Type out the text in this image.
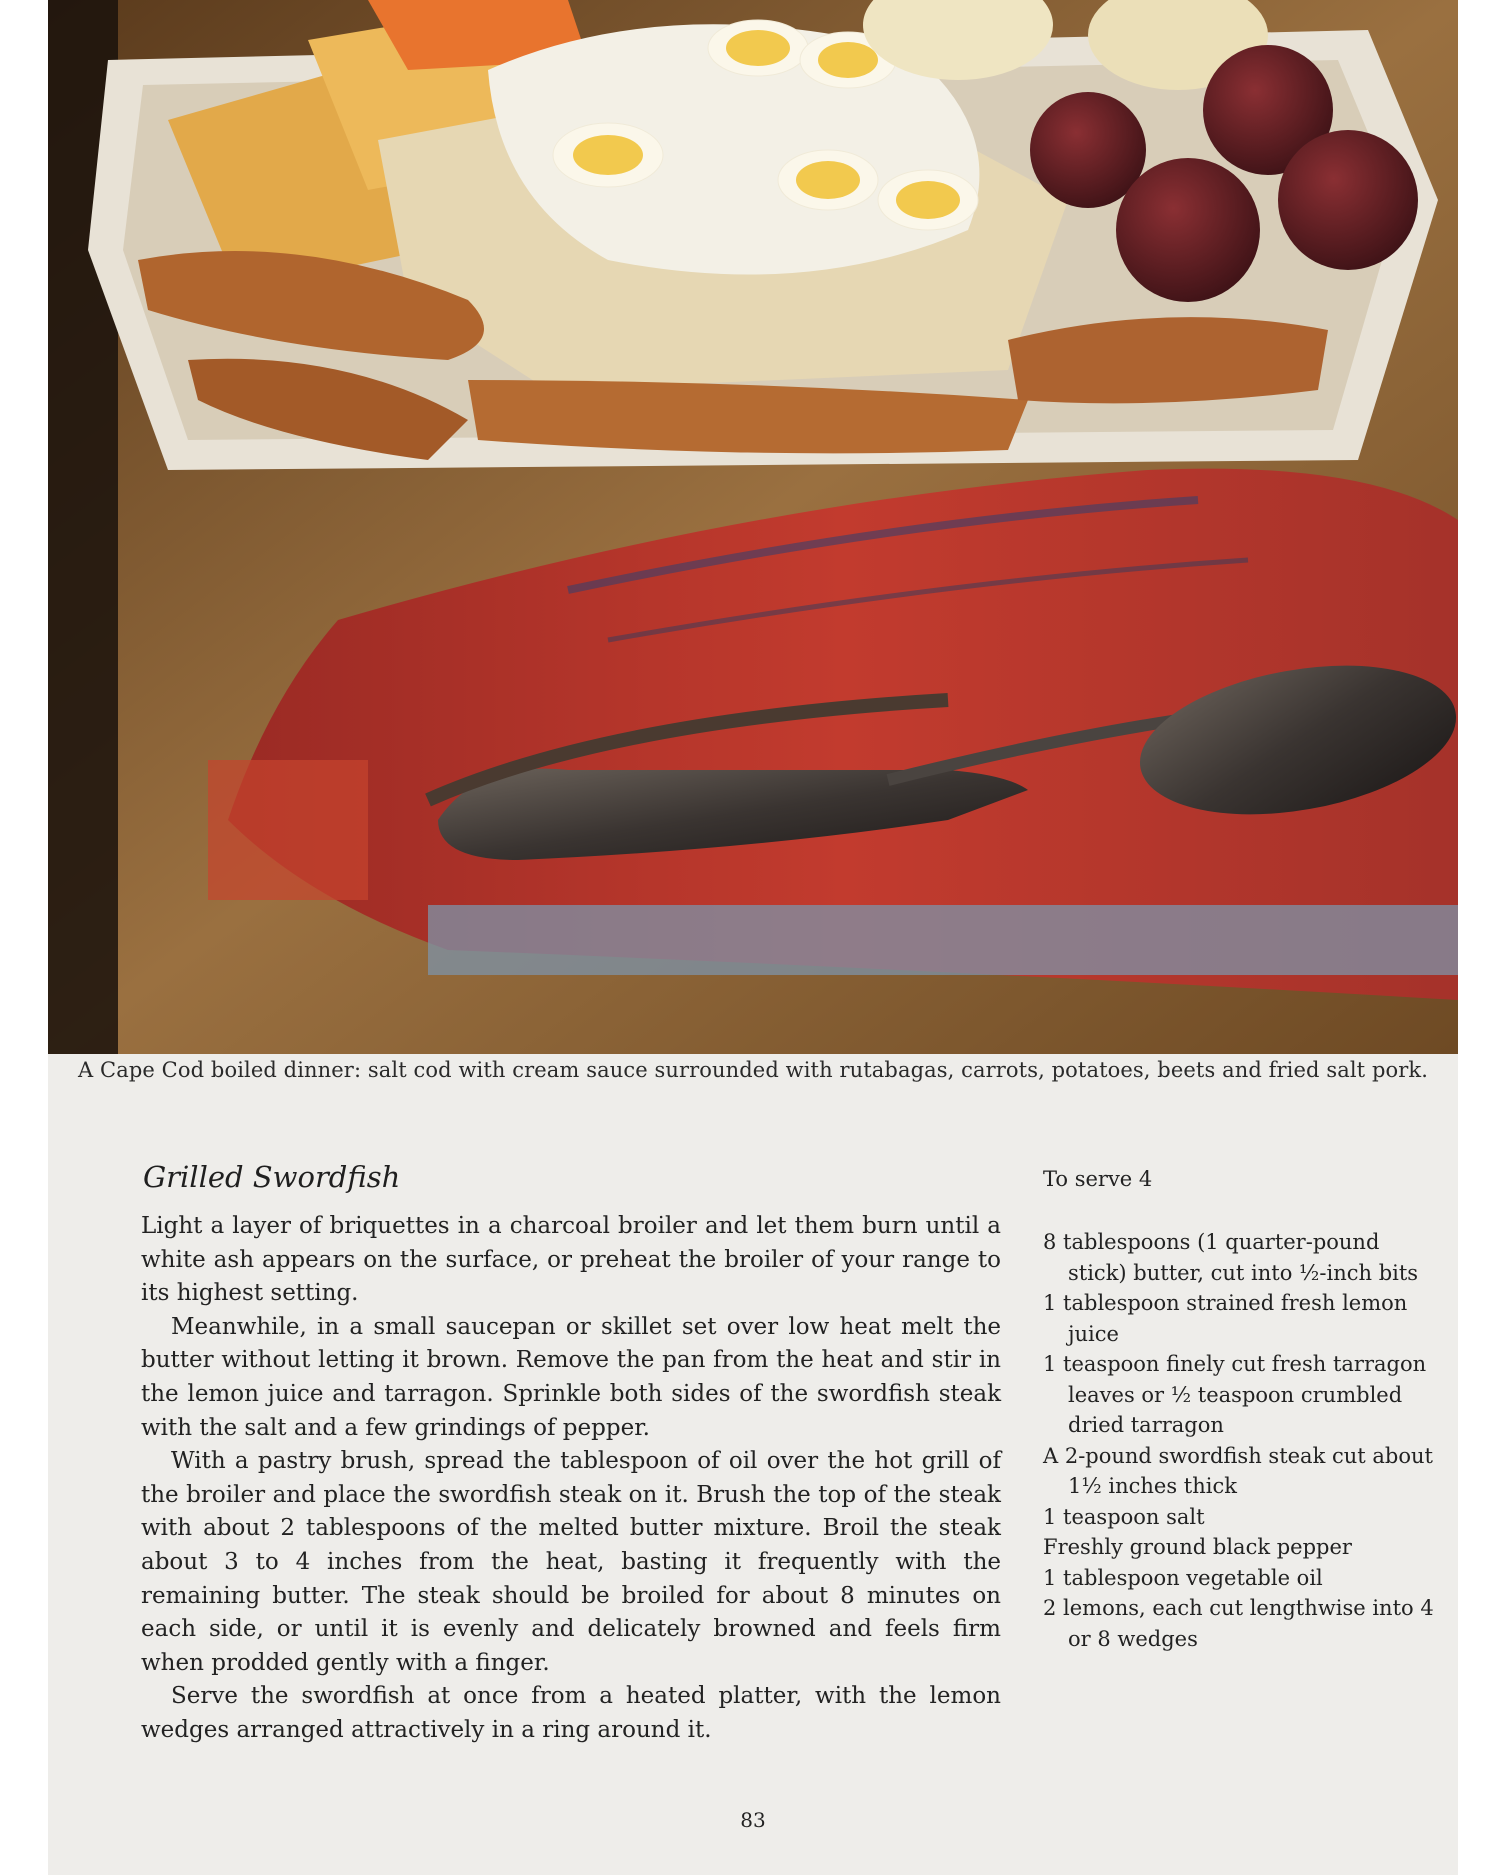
A Cape Cod boiled dinner: salt cod with cream sauce surrounded with rutabagas, carrots, potatoes, beets and fried salt pork.
Grilled Swordfish

Light a layer of briquettes in a charcoal broiler and let them burn until a white ash appears on the surface, or preheat the broiler of your range to its highest setting.

Meanwhile, in a small saucepan or skillet set over low heat melt the butter without letting it brown. Remove the pan from the heat and stir in the lemon juice and tarragon. Sprinkle both sides of the swordfish steak with the salt and a few grindings of pepper.

With a pastry brush, spread the tablespoon of oil over the hot grill of the broiler and place the swordfish steak on it. Brush the top of the steak with about 2 tablespoons of the melted butter mixture. Broil the steak about 3 to 4 inches from the heat, basting it frequently with the remaining butter. The steak should be broiled for about 8 minutes on each side, or until it is evenly and delicately browned and feels firm when prodded gently with a finger.

Serve the swordfish at once from a heated platter, with the lemon wedges arranged attractively in a ring around it.

To serve 4
8 tablespoons (1 quarter-pound stick) butter, cut into ½-inch bits
1 tablespoon strained fresh lemon juice
1 teaspoon finely cut fresh tarragon leaves or ½ teaspoon crumbled dried tarragon
A 2-pound swordfish steak cut about 1½ inches thick
1 teaspoon salt
Freshly ground black pepper
1 tablespoon vegetable oil
2 lemons, each cut lengthwise into 4 or 8 wedges
83
